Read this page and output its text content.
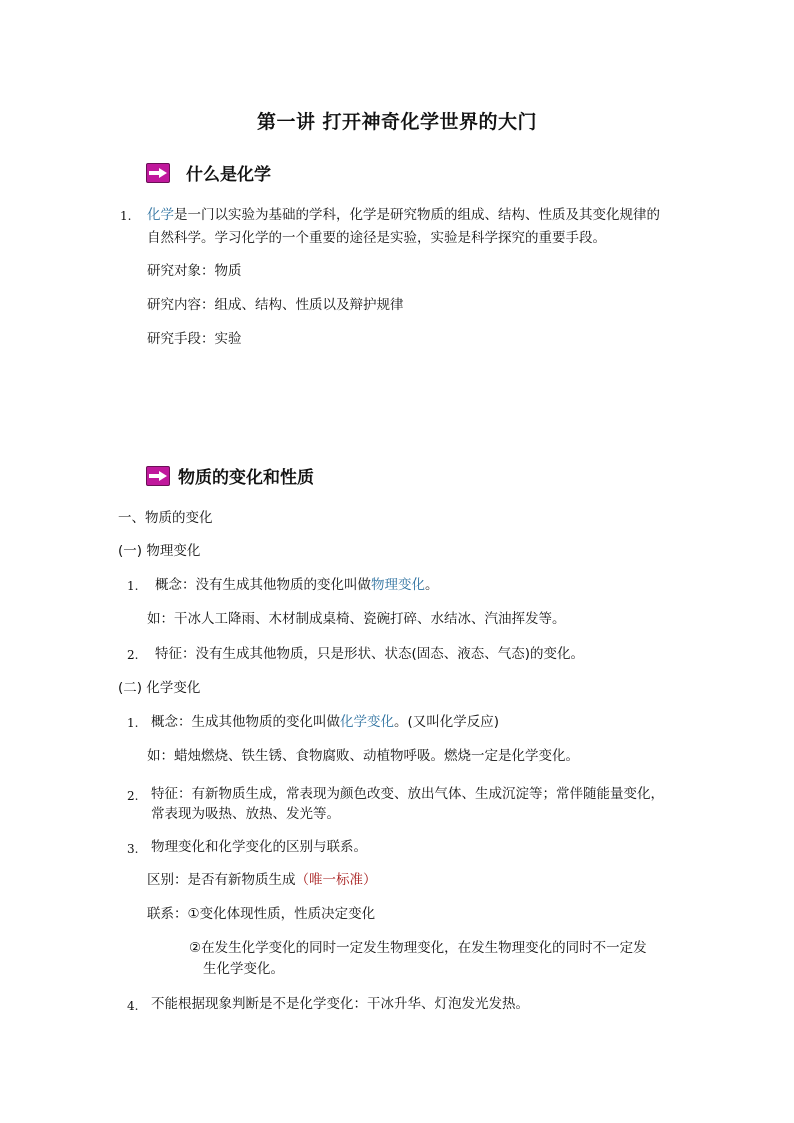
第一讲 打开神奇化学世界的大门
什么是化学
1. 化学是一门以实验为基础的学科，化学是研究物质的组成、结构、性质及其变化规律的
自然科学。学习化学的一个重要的途径是实验，实验是科学探究的重要手段。
研究对象：物质
研究内容：组成、结构、性质以及辩护规律
研究手段：实验
物质的变化和性质
一、物质的变化
(一) 物理变化
1. 概念：没有生成其他物质的变化叫做物理变化。
如：干冰人工降雨、木材制成桌椅、瓷碗打碎、水结冰、汽油挥发等。
2. 特征：没有生成其他物质，只是形状、状态(固态、液态、气态)的变化。
(二) 化学变化
1. 概念：生成其他物质的变化叫做化学变化。(又叫化学反应)
如：蜡烛燃烧、铁生锈、食物腐败、动植物呼吸。燃烧一定是化学变化。
2. 特征：有新物质生成，常表现为颜色改变、放出气体、生成沉淀等；常伴随能量变化，
常表现为吸热、放热、发光等。
3. 物理变化和化学变化的区别与联系。
区别：是否有新物质生成（唯一标准）
联系：①变化体现性质，性质决定变化
②在发生化学变化的同时一定发生物理变化，在发生物理变化的同时不一定发
生化学变化。
4. 不能根据现象判断是不是化学变化：干冰升华、灯泡发光发热。
